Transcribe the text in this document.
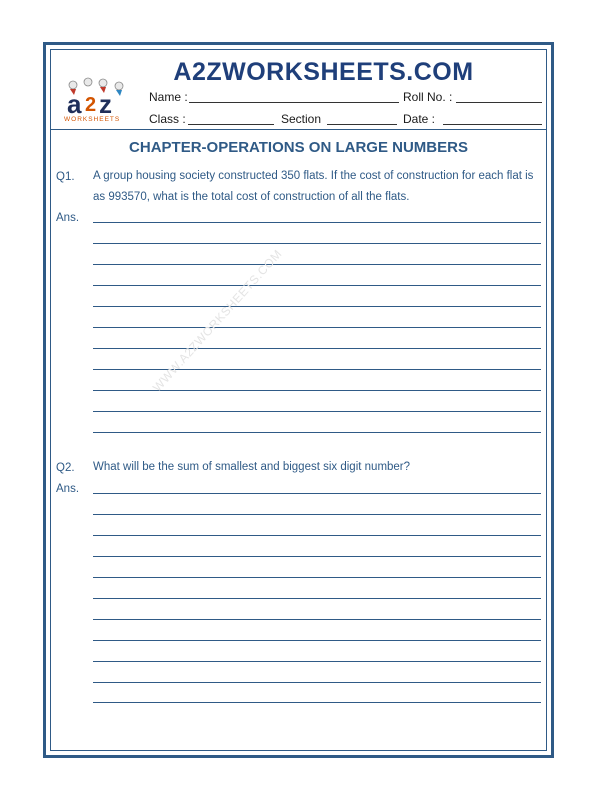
a 2 z
WORKSHEETS
A2ZWORKSHEETS.COM
Name :	Roll No. :
Class :	Section	Date :
CHAPTER-OPERATIONS ON LARGE NUMBERS
Q1. A group housing society constructed 350 flats. If the cost of construction for each flat is as 993570, what is the total cost of construction of all the flats.
Ans.
Q2. What will be the sum of smallest and biggest six digit number?
Ans.
WWW.A2ZWORKSHEETS.COM
